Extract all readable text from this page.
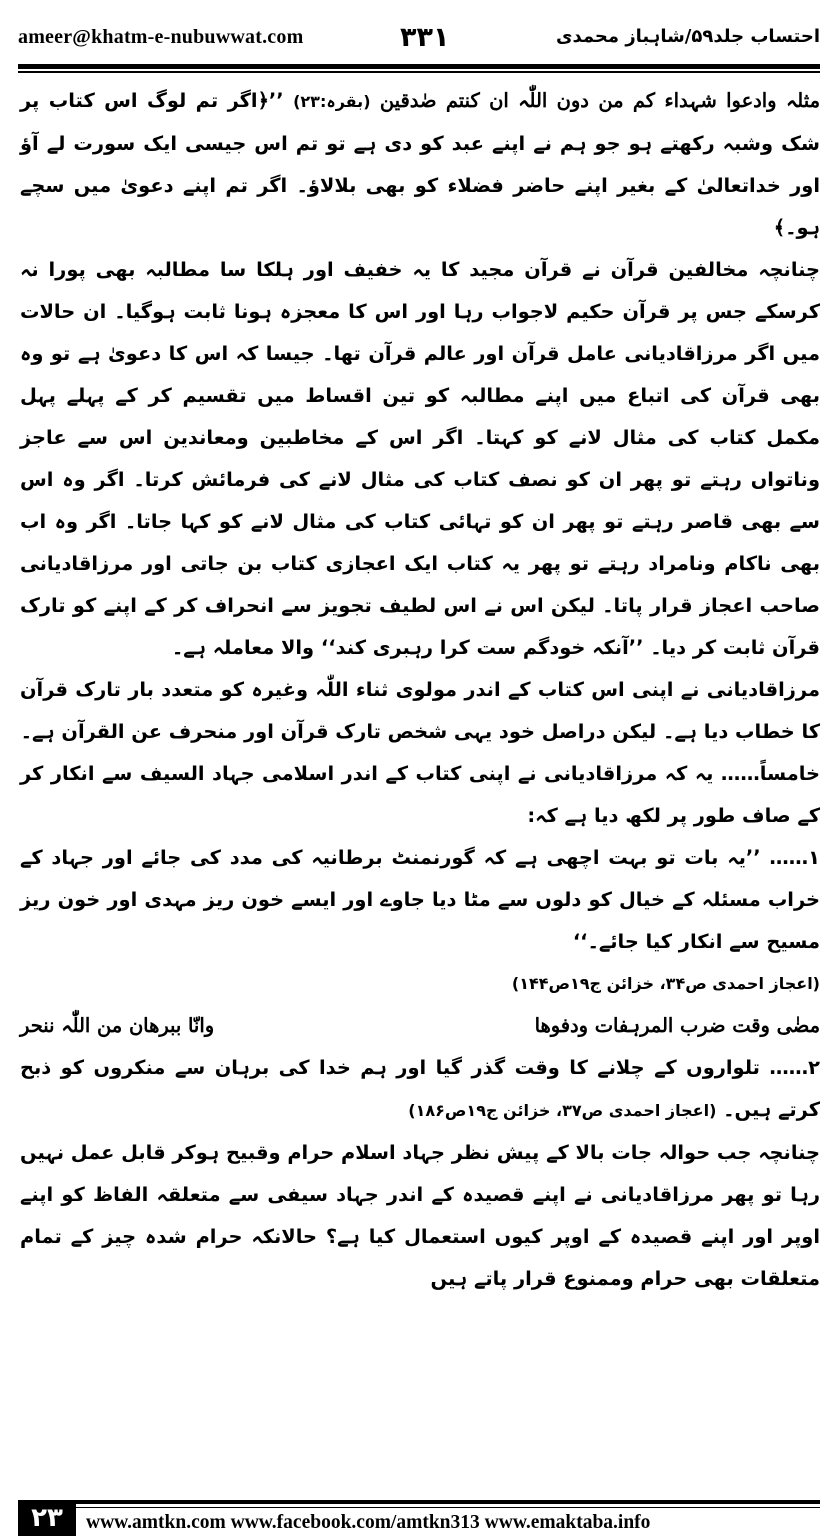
ameer@khatm-e-nubuwwat.com	۳۳۱	احتساب جلد۵۹/شاہباز محمدی

مثلہ وادعوا شہداء کم من دون اللّٰہ ان کنتم صٰدقین (بقرہ:۲۳) ’’﴿اگر تم لوگ اس کتاب پر شک وشبہ رکھتے ہو جو ہم نے اپنے عبد کو دی ہے تو تم اس جیسی ایک سورت لے آؤ اور خداتعالیٰ کے بغیر اپنے حاضر فضلاء کو بھی بلالاؤ۔ اگر تم اپنے دعویٰ میں سچے ہو۔﴾

چنانچہ مخالفین قرآن نے قرآن مجید کا یہ خفیف اور ہلکا سا مطالبہ بھی پورا نہ کرسکے جس پر قرآن حکیم لاجواب رہا اور اس کا معجزہ ہونا ثابت ہوگیا۔ ان حالات میں اگر مرزاقادیانی عامل قرآن اور عالم قرآن تھا۔ جیسا کہ اس کا دعویٰ ہے تو وہ بھی قرآن کی اتباع میں اپنے مطالبہ کو تین اقساط میں تقسیم کر کے پہلے پہل مکمل کتاب کی مثال لانے کو کہتا۔ اگر اس کے مخاطبین ومعاندین اس سے عاجز وناتواں رہتے تو پھر ان کو نصف کتاب کی مثال لانے کی فرمائش کرتا۔ اگر وہ اس سے بھی قاصر رہتے تو پھر ان کو تہائی کتاب کی مثال لانے کو کہا جاتا۔ اگر وہ اب بھی ناکام ونامراد رہتے تو پھر یہ کتاب ایک اعجازی کتاب بن جاتی اور مرزاقادیانی صاحب اعجاز قرار پاتا۔ لیکن اس نے اس لطیف تجویز سے انحراف کر کے اپنے کو تارک قرآن ثابت کر دیا۔ ’’آنکہ خودگم ست کرا رہبری کند‘‘ والا معاملہ ہے۔

مرزاقادیانی نے اپنی اس کتاب کے اندر مولوی ثناء اللّٰہ وغیرہ کو متعدد بار تارک قرآن کا خطاب دیا ہے۔ لیکن دراصل خود یہی شخص تارک قرآن اور منحرف عن القرآن ہے۔

خامساً…… یہ کہ مرزاقادیانی نے اپنی کتاب کے اندر اسلامی جہاد السیف سے انکار کر کے صاف طور پر لکھ دیا ہے کہ:

۱…… ’’یہ بات تو بہت اچھی ہے کہ گورنمنٹ برطانیہ کی مدد کی جائے اور جہاد کے خراب مسئلہ کے خیال کو دلوں سے مٹا دیا جاوے اور ایسے خون ریز مہدی اور خون ریز مسیح سے انکار کیا جائے۔‘‘

(اعجاز احمدی ص۳۴، خزائن ج۱۹ص۱۴۴)

مضٰی وقت ضرب المرہفات ودفوھا
وانّا ببرھان من اللّٰہ ننحر

۲…… تلواروں کے چلانے کا وقت گذر گیا اور ہم خدا کی برہان سے منکروں کو ذبح کرتے ہیں۔ (اعجاز احمدی ص۳۷، خزائن ج۱۹ص۱۸۶)

چنانچہ جب حوالہ جات بالا کے پیش نظر جہاد اسلام حرام وقبیح ہوکر قابل عمل نہیں رہا تو پھر مرزاقادیانی نے اپنے قصیدہ کے اندر جہاد سیفی سے متعلقہ الفاظ کو اپنے اوپر اور اپنے قصیدہ کے اوپر کیوں استعمال کیا ہے؟ حالانکہ حرام شدہ چیز کے تمام متعلقات بھی حرام وممنوع قرار پاتے ہیں

۲۳	www.amtkn.com www.facebook.com/amtkn313 www.emaktaba.info
